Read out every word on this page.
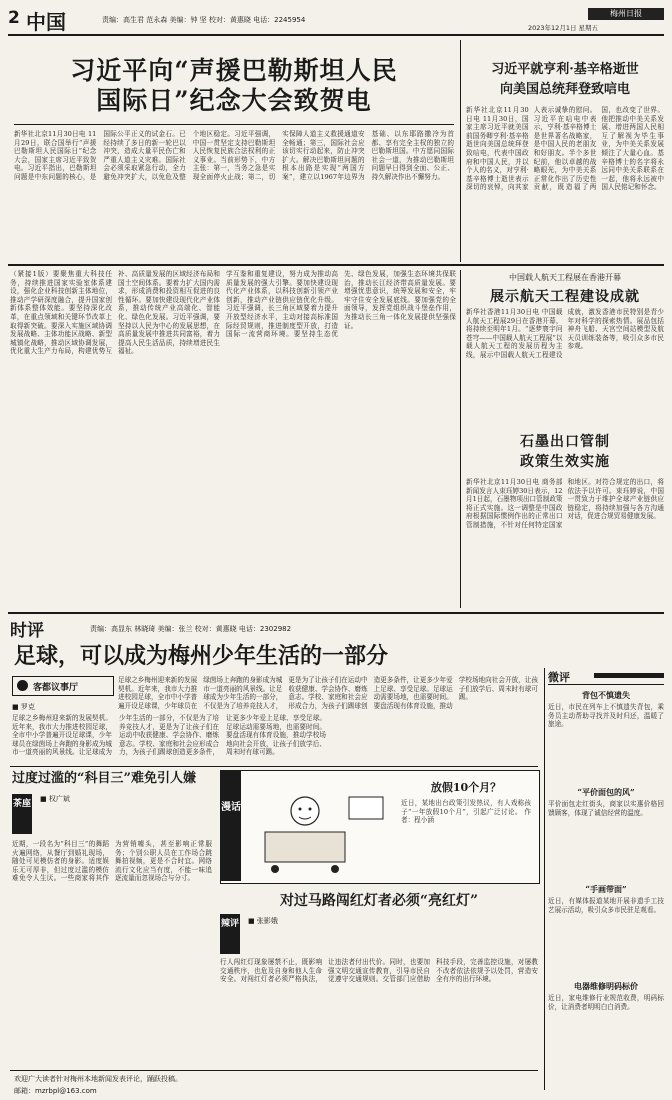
2 中国	责编：高生君 范永森 美编：钟 坚 校对：黄惠晓 电话：2245954
梅州日报
2023年12月1日 星期五
习近平向“声援巴勒斯坦人民
国际日”纪念大会致贺电
新华社北京11月30日电 11月29日，联合国举行“声援巴勒斯坦人民国际日”纪念大会，国家主席习近平致贺电。习近平指出，巴勒斯坦问题是中东问题的核心，是国际公平正义的试金石。已经持续了多日的新一轮巴以冲突，造成大量平民伤亡和严重人道主义灾难。国际社会必须采取紧急行动，全力避免冲突扩大，以免危及整个地区稳定。习近平强调，中国一贯坚定支持巴勒斯坦人民恢复民族合法权利的正义事业。当前形势下，中方主张：第一，当务之急是实现全面停火止战；第二，切实保障人道主义救援通道安全畅通；第三，国际社会应该切实行动起来，防止冲突扩大。解决巴勒斯坦问题的根本出路是实现“两国方案”，建立以1967年边界为基础、以东耶路撒冷为首都、享有完全主权的独立的巴勒斯坦国。中方愿同国际社会一道，为推动巴勒斯坦问题早日得到全面、公正、持久解决作出不懈努力。
习近平就亨利·基辛格逝世
向美国总统拜登致唁电
新华社北京11月30日电 11月30日，国家主席习近平就美国前国务卿亨利·基辛格逝世向美国总统拜登致唁电，代表中国政府和中国人民，并以个人的名义，对亨利·基辛格博士逝世表示深切的哀悼，向其家人表示诚挚的慰问。习近平在唁电中表示，亨利·基辛格博士是世界著名战略家，是中国人民的老朋友和好朋友。半个多世纪前，他以卓越的战略眼光，为中美关系正常化作出了历史性贡献，既造福了两国，也改变了世界。他把推动中美关系发展、增进两国人民相互了解视为毕生事业，为中美关系发展倾注了大量心血。基辛格博士的名字将永远同中美关系联系在一起，他将永远被中国人民铭记和怀念。
（紧接1版）要聚焦重大科技任务，持续推进国家实验室体系建设，强化企业科技创新主体地位，推动产学研深度融合，提升国家创新体系整体效能。要坚持深化改革，在重点领域和关键环节改革上取得新突破。要深入实施区域协调发展战略、主体功能区战略、新型城镇化战略，推动区域协调发展，优化重大生产力布局，构建优势互补、高质量发展的区域经济布局和国土空间体系。要着力扩大国内需求，形成消费和投资相互促进的良性循环。要加快建设现代化产业体系，推动传统产业高端化、智能化、绿色化发展。习近平强调，要坚持以人民为中心的发展思想，在高质量发展中推进共同富裕，着力提高人民生活品质，持续增进民生福祉。
学互鉴和重复建设，努力成为推动高质量发展的强大引擎。要加快建设现代化产业体系，以科技创新引领产业创新，推动产业链供应链优化升级。习近平强调，长三角区域要着力提升开放型经济水平，主动对接高标准国际经贸规则，推进制度型开放，打造国际一流营商环境。要坚持生态优先、绿色发展，加强生态环境共保联治，推动长江经济带高质量发展。要增强忧患意识，统筹发展和安全，牢牢守住安全发展底线。要加强党的全面领导，发挥党组织战斗堡垒作用，为推动长三角一体化发展提供坚强保证。
中国载人航天工程展在香港开幕
展示航天工程建设成就
新华社香港11月30日电 中国载人航天工程展29日在香港开幕，将持续至明年1月。“逐梦寰宇问苍穹——中国载人航天工程展”以载人航天工程的发展历程为主线，展示中国载人航天工程建设成就，激发香港市民特别是青少年对科学的探索热情。展品包括神舟飞船、天宫空间站模型及航天员训练装备等，吸引众多市民参观。
石墨出口管制
政策生效实施
新华社北京11月30日电 商务部新闻发言人束珏婷30日表示，12月1日起，石墨物项出口管制政策将正式实施。这一调整是中国政府根据国际惯例作出的正常出口管制措施，不针对任何特定国家和地区。对符合规定的出口，将依法予以许可。束珏婷说，中国一贯致力于维护全球产业链供应链稳定，将持续加强与各方沟通对话，促进合规贸易健康发展。
时评	责编：高显东 林晓琦 美编：张兰 校对：黄惠晓 电话：2302982
足球，可以成为梅州少年生活的一部分
客都议事厅
■ 罗克
足球之乡梅州迎来新的发展契机。近年来，我市大力推进校园足球，全市中小学普遍开设足球课，少年球员在绿茵场上奔跑的身影成为城市一道亮丽的风景线。让足球成为少年生活的一部分，不仅是为了培养竞技人才，更是为了让孩子们在运动中收获健康、学会协作、磨炼意志。学校、家庭和社会应形成合力，为孩子们踢球创造更多条件，让更多少年爱上足球、享受足球。足球运动需要场地，也需要时间。要盘活现有体育设施，推动学校场地向社会开放，让孩子们放学后、周末时有球可踢。
足球之乡梅州迎来新的发展契机。近年来，我市大力推进校园足球，全市中小学普遍开设足球课，少年球员在绿茵场上奔跑的身影成为城市一道亮丽的风景线。让足球成为少年生活的一部分，不仅是为了培养竞技人才，更是为了让孩子们在运动中收获健康、学会协作、磨炼意志。学校、家庭和社会应形成合力，为孩子们踢球创造更多条件，让更多少年爱上足球、享受足球。足球运动需要场地，也需要时间。要盘活现有体育设施，推动学校场地向社会开放，让孩子们放学后、周末时有球可踢。
微评
背包不慎遗失
近日，市民在列车上不慎遗失背包，乘务员主动帮助寻找并及时归还，温暖了旅途。
“平价面包的风”
平价面包走红街头，商家以实惠价格回馈顾客，体现了诚信经营的温度。
“手画带面”
近日，有媒体报道某地开展非遗手工技艺展示活动，吸引众多市民驻足观看。
电器维修明码标价
近日，家电维修行业规范收费，明码标价，让消费者明明白白消费。
过度过滥的“科目三”难免引人嫌
茶座 ■ 权广斌
近期，一段名为“科目三”的舞蹈火遍网络，从餐厅到婚礼现场，随处可见模仿者的身影。适度娱乐无可厚非，但过度过滥的模仿难免令人生厌。一些商家将其作为营销噱头，甚至影响正常服务；个别公职人员在工作场合跳舞拍视频，更是不合时宜。网络流行文化应当有度，不能一味追逐流量而忽视场合与分寸。
漫话
放假10个月？
近日，某地出台政策引发热议，有人戏称孩子“一年放假10个月”，引起广泛讨论。 作者：程小涵
对过马路闯红灯者必须“亮红灯”
辣评 ■ 张影娥
行人闯红灯现象屡禁不止，既影响交通秩序，也危及自身和他人生命安全。对闯红灯者必须严格执法，让违法者付出代价。同时，也要加强文明交通宣传教育，引导市民自觉遵守交通规则。交管部门应借助科技手段，完善监控设施，对屡教不改者依法依规予以处罚，营造安全有序的出行环境。
欢迎广大读者针对梅州本地新闻发表评论，踊跃投稿。
邮箱：mzrbpl@163.com
